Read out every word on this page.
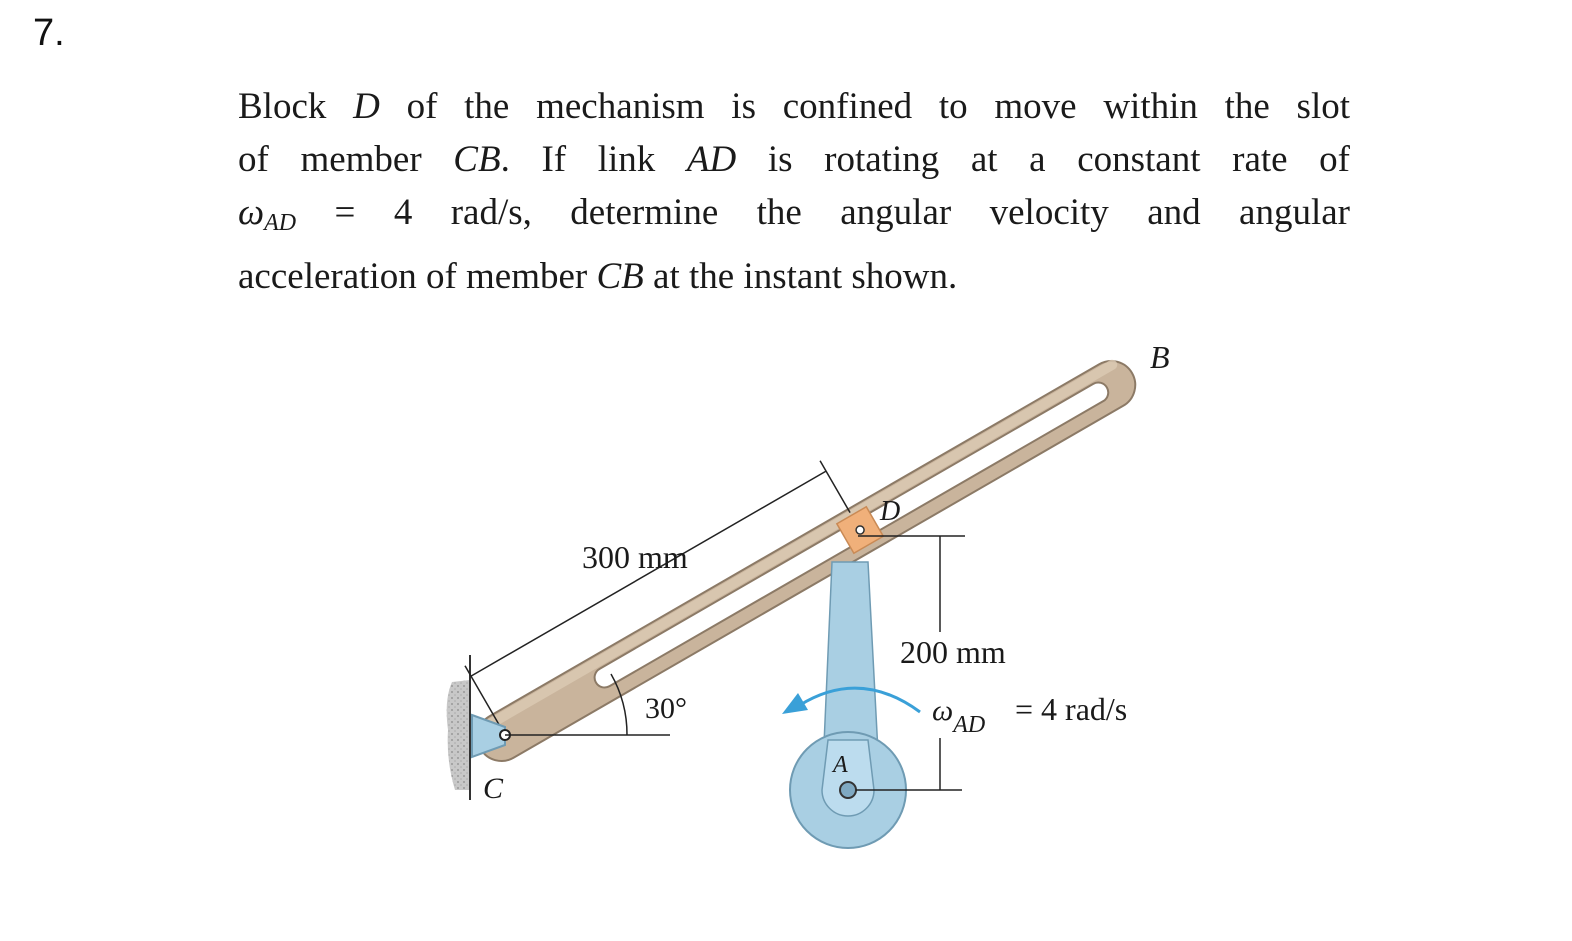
7.
Block D of the mechanism is confined to move within the slot
of member CB. If link AD is rotating at a constant rate of
$\omega_{AD} = 4$ rad/s, determine the angular velocity and angular
acceleration of member CB at the instant shown.
30°
B
C
D
A
300 mm
200 mm
$\omega_{AD} = 4$ rad/s
